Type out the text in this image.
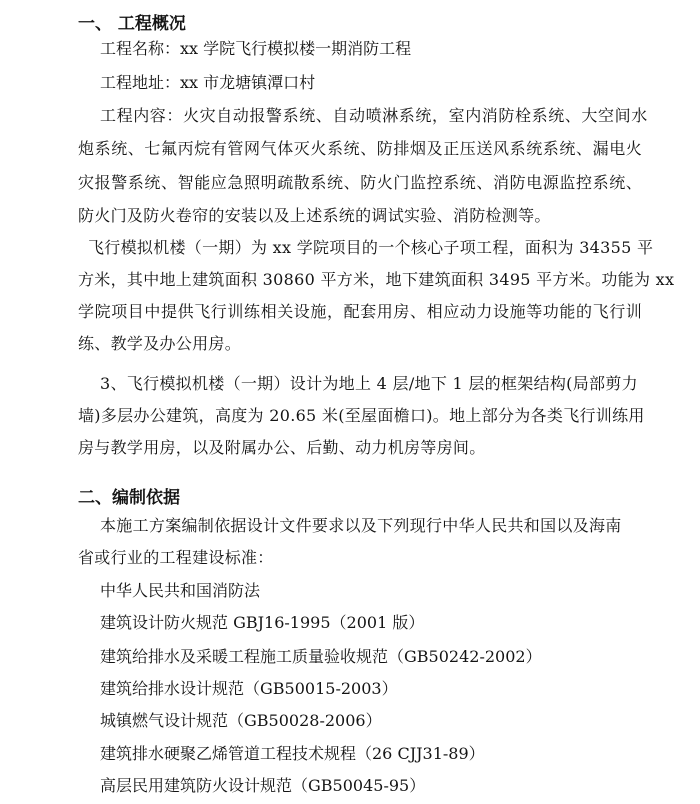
一、 工程概况
工程名称：xx 学院飞行模拟楼一期消防工程
工程地址：xx 市龙塘镇潭口村
工程内容：火灾自动报警系统、自动喷淋系统，室内消防栓系统、大空间水
炮系统、七氟丙烷有管网气体灭火系统、防排烟及正压送风系统系统、漏电火
灾报警系统、智能应急照明疏散系统、防火门监控系统、消防电源监控系统、
防火门及防火卷帘的安装以及上述系统的调试实验、消防检测等。
飞行模拟机楼（一期）为 xx 学院项目的一个核心子项工程，面积为 34355 平
方米，其中地上建筑面积 30860 平方米，地下建筑面积 3495 平方米。功能为 xx
学院项目中提供飞行训练相关设施，配套用房、相应动力设施等功能的飞行训
练、教学及办公用房。
3、飞行模拟机楼（一期）设计为地上 4 层/地下 1 层的框架结构(局部剪力
墙)多层办公建筑，高度为 20.65 米(至屋面檐口)。地上部分为各类飞行训练用
房与教学用房，以及附属办公、后勤、动力机房等房间。
二、编制依据
本施工方案编制依据设计文件要求以及下列现行中华人民共和国以及海南
省或行业的工程建设标准：
中华人民共和国消防法
建筑设计防火规范 GBJ16-1995（2001 版）
建筑给排水及采暖工程施工质量验收规范（GB50242-2002）
建筑给排水设计规范（GB50015-2003）
城镇燃气设计规范（GB50028-2006）
建筑排水硬聚乙烯管道工程技术规程（26 CJJ31-89）
高层民用建筑防火设计规范（GB50045-95）
